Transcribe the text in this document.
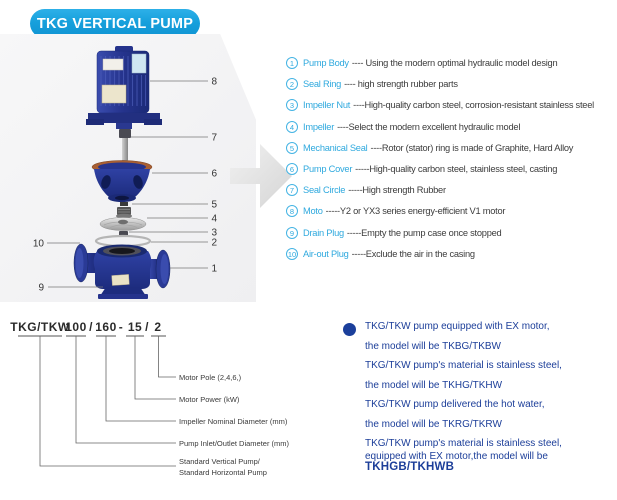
TKG VERTICAL PUMP
8
7
6
5
4
3
2
10
1
9
1 Pump Body ---- Using the modern optimal hydraulic model design
2 Seal Ring ---- high strength rubber parts
3 Impeller Nut ----High-quality carbon steel, corrosion-resistant stainless steel
4 Impeller ----Select the modern excellent hydraulic model
5 Mechanical Seal ----Rotor (stator) ring is made of Graphite, Hard Alloy
6 Pump Cover -----High-quality carbon steel, stainless steel, casting
7 Seal Circle -----High strength Rubber
8 Moto -----Y2 or YX3 series energy-efficient V1 motor
9 Drain Plug -----Empty the pump case once stopped
10 Air-out Plug -----Exclude the air in the casing
TKG/TKW
100 / 160 - 15 / 2
Motor Pole (2,4,6,)
Motor Power (kW)
Impeller Nominal Diameter (mm)
Pump Inlet/Outlet Diameter (mm)
Standard Vertical Pump/
Standard Horizontal Pump
TKG/TKW pump equipped with EX motor,
the model will be TKBG/TKBW
TKG/TKW pump's material is stainless steel,
the model will be TKHG/TKHW
TKG/TKW pump delivered the hot water,
the model will be TKRG/TKRW
TKG/TKW pump's material is stainless steel,
equipped with EX motor,the model will be TKHGB/TKHWB
